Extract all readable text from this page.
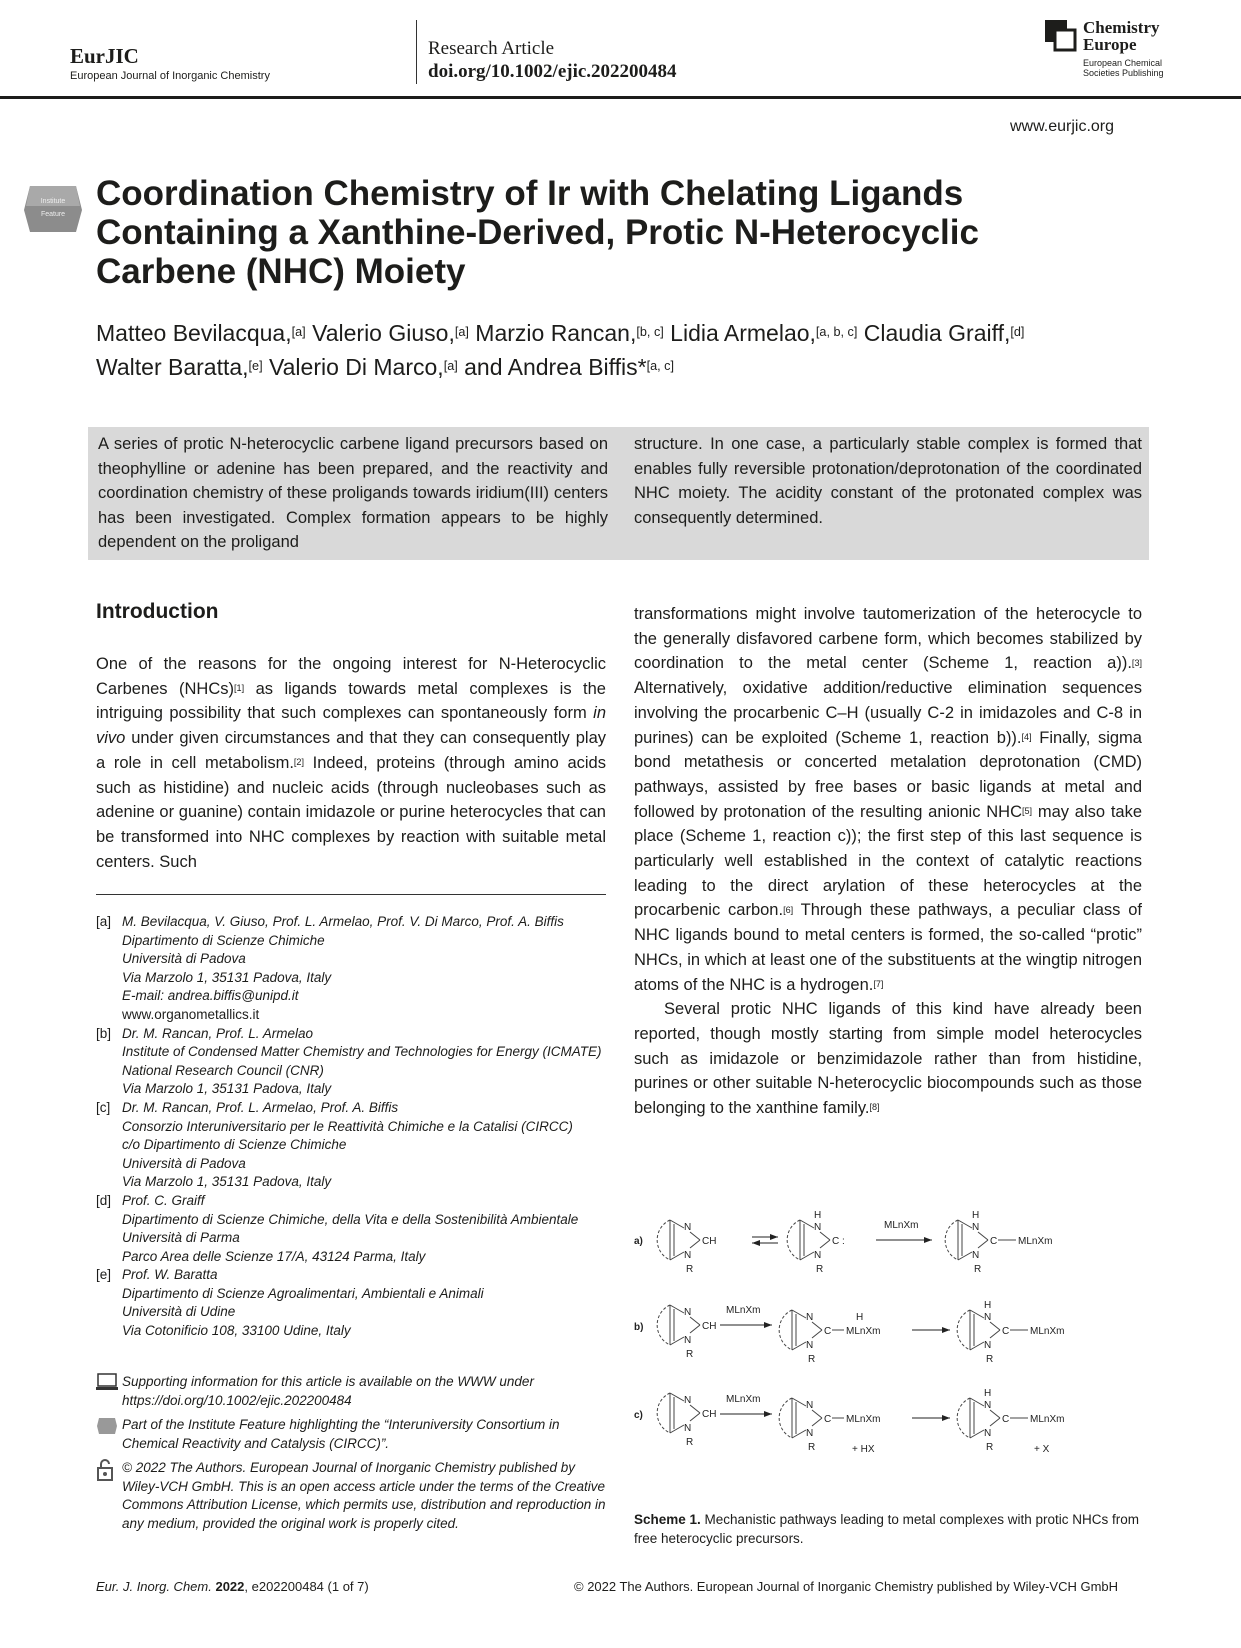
EurJIC
European Journal of Inorganic Chemistry
Research Article
doi.org/10.1002/ejic.202200484
Chemistry
Europe
European Chemical
Societies Publishing
www.eurjic.org
Institute
Feature
Coordination Chemistry of Ir with Chelating Ligands
Containing a Xanthine-Derived, Protic N-Heterocyclic
Carbene (NHC) Moiety
Matteo Bevilacqua,[a] Valerio Giuso,[a] Marzio Rancan,[b, c] Lidia Armelao,[a, b, c] Claudia Graiff,[d]
Walter Baratta,[e] Valerio Di Marco,[a] and Andrea Biffis*[a, c]
A series of protic N-heterocyclic carbene ligand precursors based on theophylline or adenine has been prepared, and the reactivity and coordination chemistry of these proligands towards iridium(III) centers has been investigated. Complex formation appears to be highly dependent on the proligand
structure. In one case, a particularly stable complex is formed that enables fully reversible protonation/deprotonation of the coordinated NHC moiety. The acidity constant of the protonated complex was consequently determined.
Introduction

One of the reasons for the ongoing interest for N-Heterocyclic Carbenes (NHCs)[1] as ligands towards metal complexes is the intriguing possibility that such complexes can spontaneously form in vivo under given circumstances and that they can consequently play a role in cell metabolism.[2] Indeed, proteins (through amino acids such as histidine) and nucleic acids (through nucleobases such as adenine or guanine) contain imidazole or purine heterocycles that can be transformed into NHC complexes by reaction with suitable metal centers. Such

transformations might involve tautomerization of the heterocycle to the generally disfavored carbene form, which becomes stabilized by coordination to the metal center (Scheme 1, reaction a)).[3] Alternatively, oxidative addition/reductive elimination sequences involving the procarbenic C–H (usually C-2 in imidazoles and C-8 in purines) can be exploited (Scheme 1, reaction b)).[4] Finally, sigma bond metathesis or concerted metalation deprotonation (CMD) pathways, assisted by free bases or basic ligands at metal and followed by protonation of the resulting anionic NHC[5] may also take place (Scheme 1, reaction c)); the first step of this last sequence is particularly well established in the context of catalytic reactions leading to the direct arylation of these heterocycles at the procarbenic carbon.[6] Through these pathways, a peculiar class of NHC ligands bound to metal centers is formed, the so-called “protic” NHCs, in which at least one of the substituents at the wingtip nitrogen atoms of the NHC is a hydrogen.[7]

Several protic NHC ligands of this kind have already been reported, though mostly starting from simple model heterocycles such as imidazole or benzimidazole rather than from histidine, purines or other suitable N-heterocyclic biocompounds such as those belonging to the xanthine family.[8]

[a] M. Bevilacqua, V. Giuso, Prof. L. Armelao, Prof. V. Di Marco, Prof. A. Biffis
Dipartimento di Scienze Chimiche
Università di Padova
Via Marzolo 1, 35131 Padova, Italy
E-mail: andrea.biffis@unipd.it
www.organometallics.it
[b] Dr. M. Rancan, Prof. L. Armelao
Institute of Condensed Matter Chemistry and Technologies for Energy (ICMATE)
National Research Council (CNR)
Via Marzolo 1, 35131 Padova, Italy
[c] Dr. M. Rancan, Prof. L. Armelao, Prof. A. Biffis
Consorzio Interuniversitario per le Reattività Chimiche e la Catalisi (CIRCC)
c/o Dipartimento di Scienze Chimiche
Università di Padova
Via Marzolo 1, 35131 Padova, Italy
[d] Prof. C. Graiff
Dipartimento di Scienze Chimiche, della Vita e della Sostenibilità Ambientale
Università di Parma
Parco Area delle Scienze 17/A, 43124 Parma, Italy
[e] Prof. W. Baratta
Dipartimento di Scienze Agroalimentari, Ambientali e Animali
Università di Udine
Via Cotonificio 108, 33100 Udine, Italy
Supporting information for this article is available on the WWW under https://doi.org/10.1002/ejic.202200484
Part of the Institute Feature highlighting the “Interuniversity Consortium in Chemical Reactivity and Catalysis (CIRCC)”.
© 2022 The Authors. European Journal of Inorganic Chemistry published by Wiley-VCH GmbH. This is an open access article under the terms of the Creative Commons Attribution License, which permits use, distribution and reproduction in any medium, provided the original work is properly cited.
a)
N
CH
N
R
N
C
N
R
H
:
MLnXm	N
C
N
R
H
MLnXm
b)
N
CH
N
R
MLnXm
N
C
N
R
H
MLnXm
N
C
N
R
H
MLnXm
c)
N
CH
N
R
MLnXm
N
C
N
R
MLnXm
+ HX
N
C
N
R
H
MLnXm
+ X
Scheme 1. Mechanistic pathways leading to metal complexes with protic NHCs from free heterocyclic precursors.
Eur. J. Inorg. Chem. 2022, e202200484 (1 of 7)	© 2022 The Authors. European Journal of Inorganic Chemistry published by Wiley-VCH GmbH
